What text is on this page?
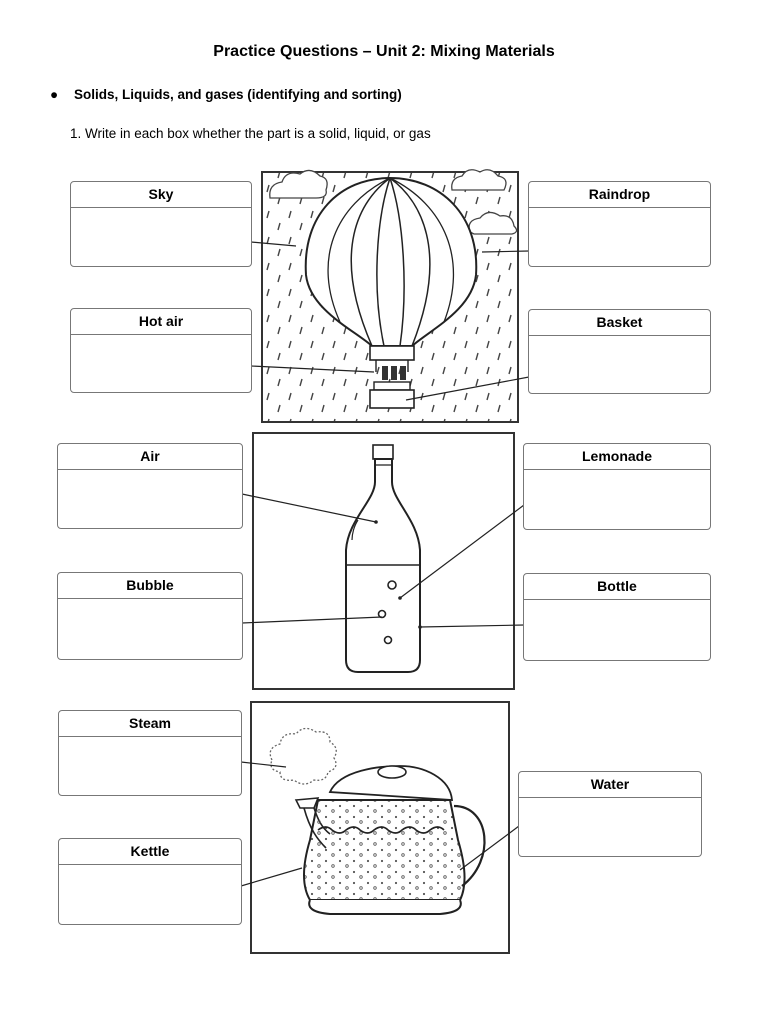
Practice Questions – Unit 2: Mixing Materials
● Solids, Liquids, and gases (identifying and sorting)
1. Write in each box whether the part is a solid, liquid, or gas
Sky	Raindrop
Hot air	Basket
Air	Lemonade
Bubble	Bottle
Steam
Water
Kettle
